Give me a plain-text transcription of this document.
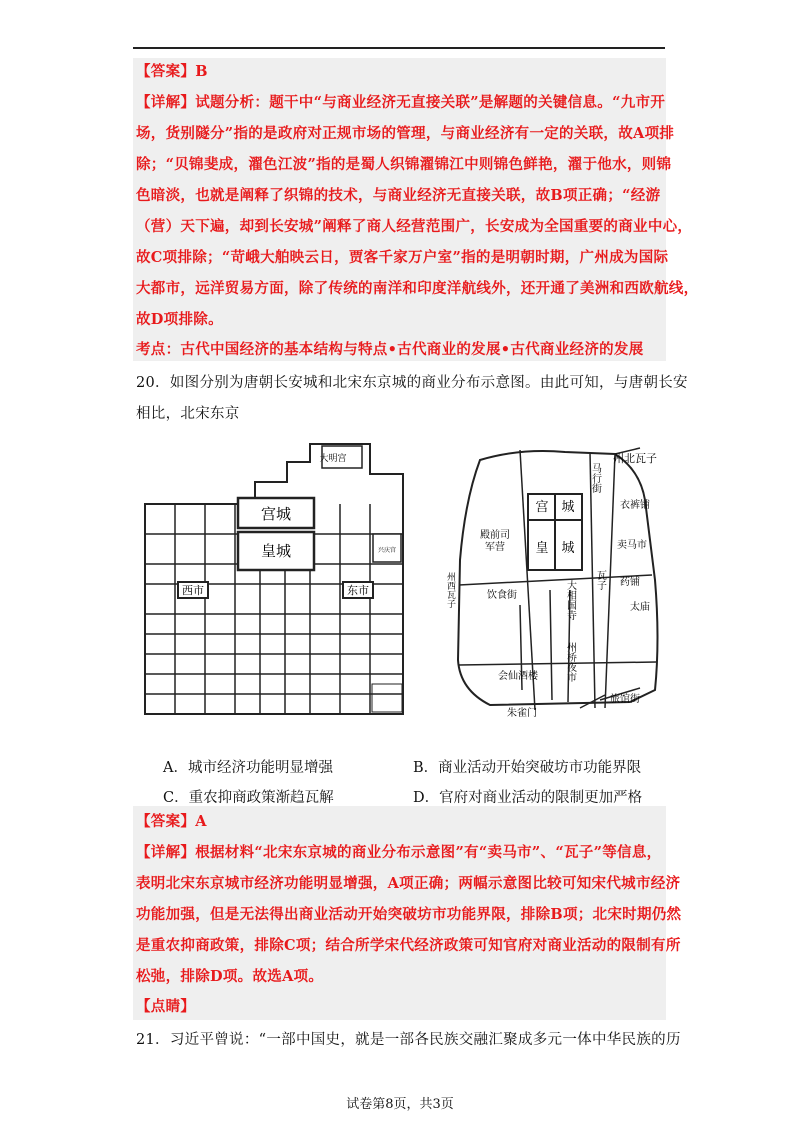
【答案】B
【详解】试题分析：题干中“与商业经济无直接关联”是解题的关键信息。“九市开
场，货别隧分”指的是政府对正规市场的管理，与商业经济有一定的关联，故A项排
除；“贝锦斐成，濯色江波”指的是蜀人织锦濯锦江中则锦色鲜艳，濯于他水，则锦
色暗淡，也就是阐释了织锦的技术，与商业经济无直接关联，故B项正确；“经游
（营）天下遍，却到长安城”阐释了商人经营范围广，长安成为全国重要的商业中心，
故C项排除；“苛峨大舶映云日，贾客千家万户室”指的是明朝时期，广州成为国际
大都市，远洋贸易方面，除了传统的南洋和印度洋航线外，还开通了美洲和西欧航线，
故D项排除。
考点：古代中国经济的基本结构与特点•古代商业的发展•古代商业经济的发展
20．如图分别为唐朝长安城和北宋东京城的商业分布示意图。由此可知，与唐朝长安
相比，北宋东京
大明宫
宫城
皇城
西市	东市
兴庆宫
州北瓦子
马行街
宫 城	衣裤铺
殿前司
军营 皇 城	卖马市
瓦子 药铺
州西瓦子	饮食街	大相国寺	太庙
会仙酒楼	州桥夜市
旅馆街
朱雀门
A．城市经济功能明显增强	B．商业活动开始突破坊市功能界限
C．重农抑商政策渐趋瓦解	D．官府对商业活动的限制更加严格
【答案】A
【详解】根据材料“北宋东京城的商业分布示意图”有“卖马市”、“瓦子”等信息，
表明北宋东京城市经济功能明显增强，A项正确；两幅示意图比较可知宋代城市经济
功能加强，但是无法得出商业活动开始突破坊市功能界限，排除B项；北宋时期仍然
是重农抑商政策，排除C项；结合所学宋代经济政策可知官府对商业活动的限制有所
松弛，排除D项。故选A项。
【点睛】
21．习近平曾说：“一部中国史，就是一部各民族交融汇聚成多元一体中华民族的历
试卷第8页，共3页
